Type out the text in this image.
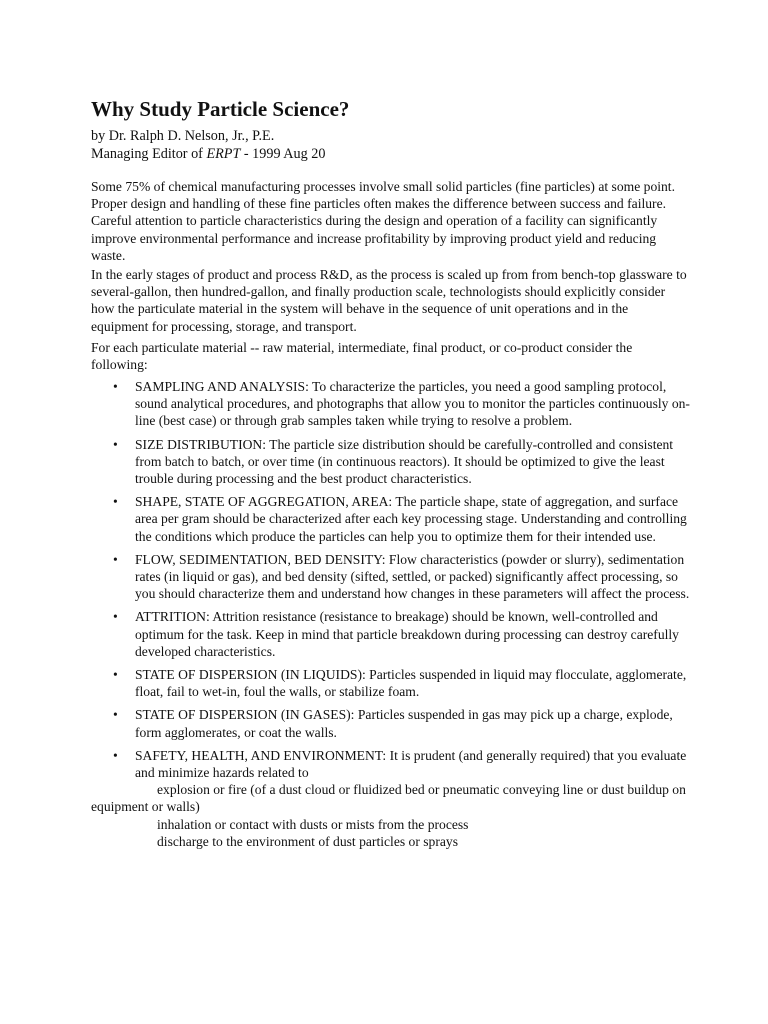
Why Study Particle Science?
by Dr. Ralph D. Nelson, Jr., P.E.
Managing Editor of ERPT - 1999 Aug 20

Some 75% of chemical manufacturing processes involve small solid particles (fine particles) at some point. Proper design and handling of these fine particles often makes the difference between success and failure. Careful attention to particle characteristics during the design and operation of a facility can significantly improve environmental performance and increase profitability by improving product yield and reducing waste.

In the early stages of product and process R&D, as the process is scaled up from from bench-top glassware to several-gallon, then hundred-gallon, and finally production scale, technologists should explicitly consider how the particulate material in the system will behave in the sequence of unit operations and in the equipment for processing, storage, and transport.

For each particulate material -- raw material, intermediate, final product, or co-product consider the following:

• SAMPLING AND ANALYSIS: To characterize the particles, you need a good sampling protocol, sound analytical procedures, and photographs that allow you to monitor the particles continuously on-line (best case) or through grab samples taken while trying to resolve a problem.
• SIZE DISTRIBUTION: The particle size distribution should be carefully-controlled and consistent from batch to batch, or over time (in continuous reactors). It should be optimized to give the least trouble during processing and the best product characteristics.
• SHAPE, STATE OF AGGREGATION, AREA: The particle shape, state of aggregation, and surface area per gram should be characterized after each key processing stage. Understanding and controlling the conditions which produce the particles can help you to optimize them for their intended use.
• FLOW, SEDIMENTATION, BED DENSITY: Flow characteristics (powder or slurry), sedimentation rates (in liquid or gas), and bed density (sifted, settled, or packed) significantly affect processing, so you should characterize them and understand how changes in these parameters will affect the process.
• ATTRITION: Attrition resistance (resistance to breakage) should be known, well-controlled and optimum for the task. Keep in mind that particle breakdown during processing can destroy carefully developed characteristics.
• STATE OF DISPERSION (IN LIQUIDS): Particles suspended in liquid may flocculate, agglomerate, float, fail to wet-in, foul the walls, or stabilize foam.
• STATE OF DISPERSION (IN GASES): Particles suspended in gas may pick up a charge, explode, form agglomerates, or coat the walls.
• SAFETY, HEALTH, AND ENVIRONMENT: It is prudent (and generally required) that you evaluate and minimize hazards related to
explosion or fire (of a dust cloud or fluidized bed or pneumatic conveying line or dust buildup on equipment or walls)
inhalation or contact with dusts or mists from the process
discharge to the environment of dust particles or sprays
